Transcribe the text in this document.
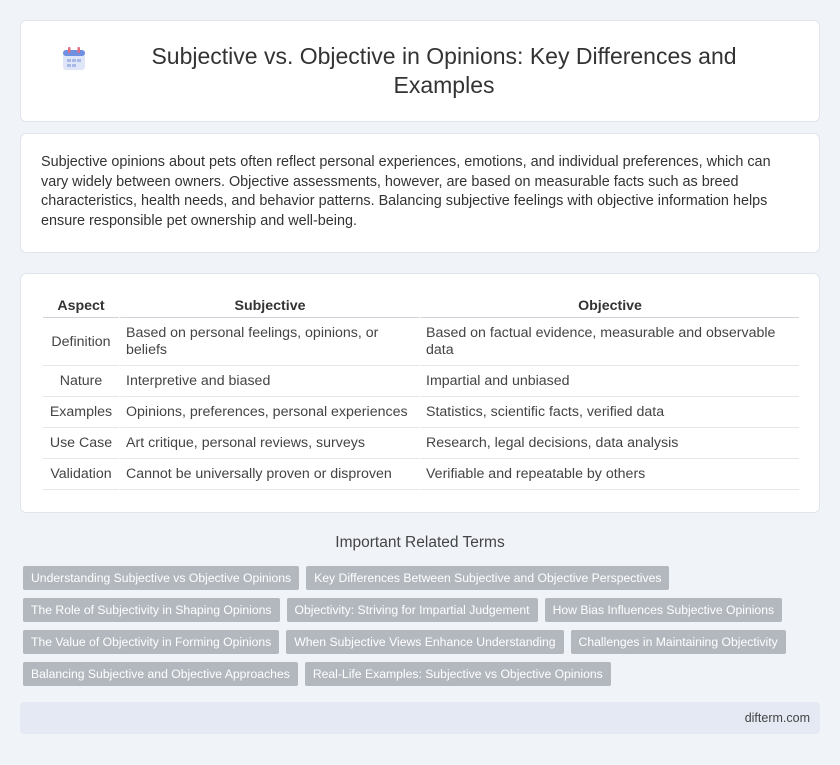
Subjective vs. Objective in Opinions: Key Differences and Examples

Subjective opinions about pets often reflect personal experiences, emotions, and individual preferences, which can vary widely between owners. Objective assessments, however, are based on measurable facts such as breed characteristics, health needs, and behavior patterns. Balancing subjective feelings with objective information helps ensure responsible pet ownership and well-being.

Aspect	Subjective	Objective
Definition	Based on personal feelings, opinions, or beliefs	Based on factual evidence, measurable and observable data
Nature	Interpretive and biased	Impartial and unbiased
Examples	Opinions, preferences, personal experiences	Statistics, scientific facts, verified data
Use Case	Art critique, personal reviews, surveys	Research, legal decisions, data analysis
Validation	Cannot be universally proven or disproven	Verifiable and repeatable by others
Important Related Terms
Understanding Subjective vs Objective Opinions	Key Differences Between Subjective and Objective Perspectives
The Role of Subjectivity in Shaping Opinions	Objectivity: Striving for Impartial Judgement	How Bias Influences Subjective Opinions
The Value of Objectivity in Forming Opinions	When Subjective Views Enhance Understanding	Challenges in Maintaining Objectivity
Balancing Subjective and Objective Approaches	Real-Life Examples: Subjective vs Objective Opinions
difterm.com
